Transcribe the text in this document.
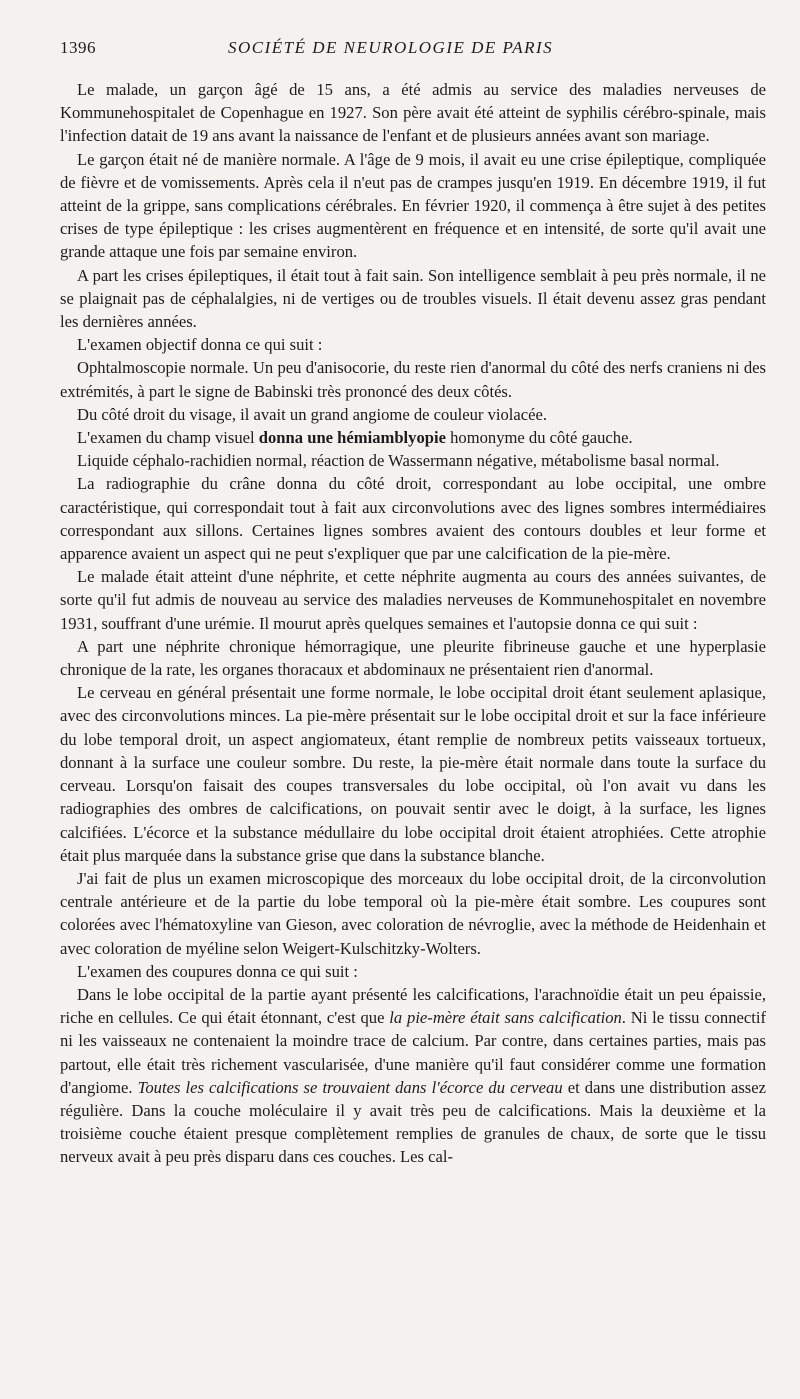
1396	SOCIÉTÉ DE NEUROLOGIE DE PARIS

Le malade, un garçon âgé de 15 ans, a été admis au service des maladies nerveuses de Kommunehospitalet de Copenhague en 1927. Son père avait été atteint de syphilis cérébro-spinale, mais l'infection datait de 19 ans avant la naissance de l'enfant et de plusieurs années avant son mariage.

Le garçon était né de manière normale. A l'âge de 9 mois, il avait eu une crise épileptique, compliquée de fièvre et de vomissements. Après cela il n'eut pas de crampes jusqu'en 1919. En décembre 1919, il fut atteint de la grippe, sans complications cérébrales. En février 1920, il commença à être sujet à des petites crises de type épileptique : les crises augmentèrent en fréquence et en intensité, de sorte qu'il avait une grande attaque une fois par semaine environ.

A part les crises épileptiques, il était tout à fait sain. Son intelligence semblait à peu près normale, il ne se plaignait pas de céphalalgies, ni de vertiges ou de troubles visuels. Il était devenu assez gras pendant les dernières années.

L'examen objectif donna ce qui suit :

Ophtalmoscopie normale. Un peu d'anisocorie, du reste rien d'anormal du côté des nerfs craniens ni des extrémités, à part le signe de Babinski très prononcé des deux côtés.

Du côté droit du visage, il avait un grand angiome de couleur violacée.

L'examen du champ visuel donna une hémiamblyopie homonyme du côté gauche.

Liquide céphalo-rachidien normal, réaction de Wassermann négative, métabolisme basal normal.

La radiographie du crâne donna du côté droit, correspondant au lobe occipital, une ombre caractéristique, qui correspondait tout à fait aux circonvolutions avec des lignes sombres intermédiaires correspondant aux sillons. Certaines lignes sombres avaient des contours doubles et leur forme et apparence avaient un aspect qui ne peut s'expliquer que par une calcification de la pie-mère.

Le malade était atteint d'une néphrite, et cette néphrite augmenta au cours des années suivantes, de sorte qu'il fut admis de nouveau au service des maladies nerveuses de Kommunehospitalet en novembre 1931, souffrant d'une urémie. Il mourut après quelques semaines et l'autopsie donna ce qui suit :

A part une néphrite chronique hémorragique, une pleurite fibrineuse gauche et une hyperplasie chronique de la rate, les organes thoracaux et abdominaux ne présentaient rien d'anormal.

Le cerveau en général présentait une forme normale, le lobe occipital droit étant seulement aplasique, avec des circonvolutions minces. La pie-mère présentait sur le lobe occipital droit et sur la face inférieure du lobe temporal droit, un aspect angiomateux, étant remplie de nombreux petits vaisseaux tortueux, donnant à la surface une couleur sombre. Du reste, la pie-mère était normale dans toute la surface du cerveau. Lorsqu'on faisait des coupes transversales du lobe occipital, où l'on avait vu dans les radiographies des ombres de calcifications, on pouvait sentir avec le doigt, à la surface, les lignes calcifiées. L'écorce et la substance médullaire du lobe occipital droit étaient atrophiées. Cette atrophie était plus marquée dans la substance grise que dans la substance blanche.

J'ai fait de plus un examen microscopique des morceaux du lobe occipital droit, de la circonvolution centrale antérieure et de la partie du lobe temporal où la pie-mère était sombre. Les coupures sont colorées avec l'hématoxyline van Gieson, avec coloration de névroglie, avec la méthode de Heidenhain et avec coloration de myéline selon Weigert-Kulschitzky-Wolters.

L'examen des coupures donna ce qui suit :

Dans le lobe occipital de la partie ayant présenté les calcifications, l'arachnoïdie était un peu épaissie, riche en cellules. Ce qui était étonnant, c'est que la pie-mère était sans calcification. Ni le tissu connectif ni les vaisseaux ne contenaient la moindre trace de calcium. Par contre, dans certaines parties, mais pas partout, elle était très richement vascularisée, d'une manière qu'il faut considérer comme une formation d'angiome. Toutes les calcifications se trouvaient dans l'écorce du cerveau et dans une distribution assez régulière. Dans la couche moléculaire il y avait très peu de calcifications. Mais la deuxième et la troisième couche étaient presque complètement remplies de granules de chaux, de sorte que le tissu nerveux avait à peu près disparu dans ces couches. Les cal-
